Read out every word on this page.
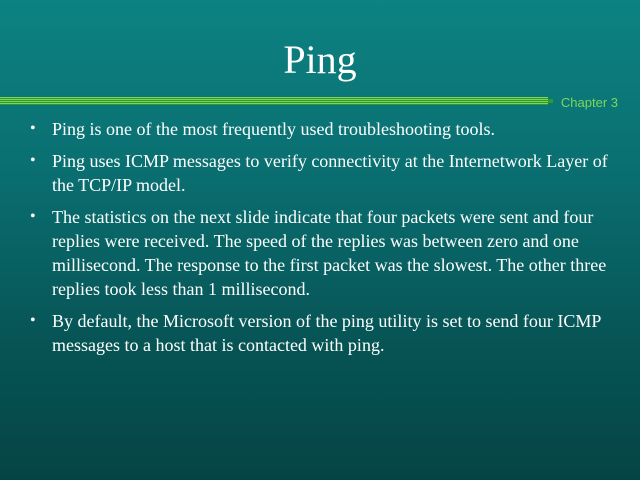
Ping
Chapter 3
• Ping is one of the most frequently used troubleshooting tools.
• Ping uses ICMP messages to verify connectivity at the Internetwork Layer of the TCP/IP model.
• The statistics on the next slide indicate that four packets were sent and four replies were received. The speed of the replies was between zero and one millisecond. The response to the first packet was the slowest. The other three replies took less than 1 millisecond.
• By default, the Microsoft version of the ping utility is set to send four ICMP messages to a host that is contacted with ping.
